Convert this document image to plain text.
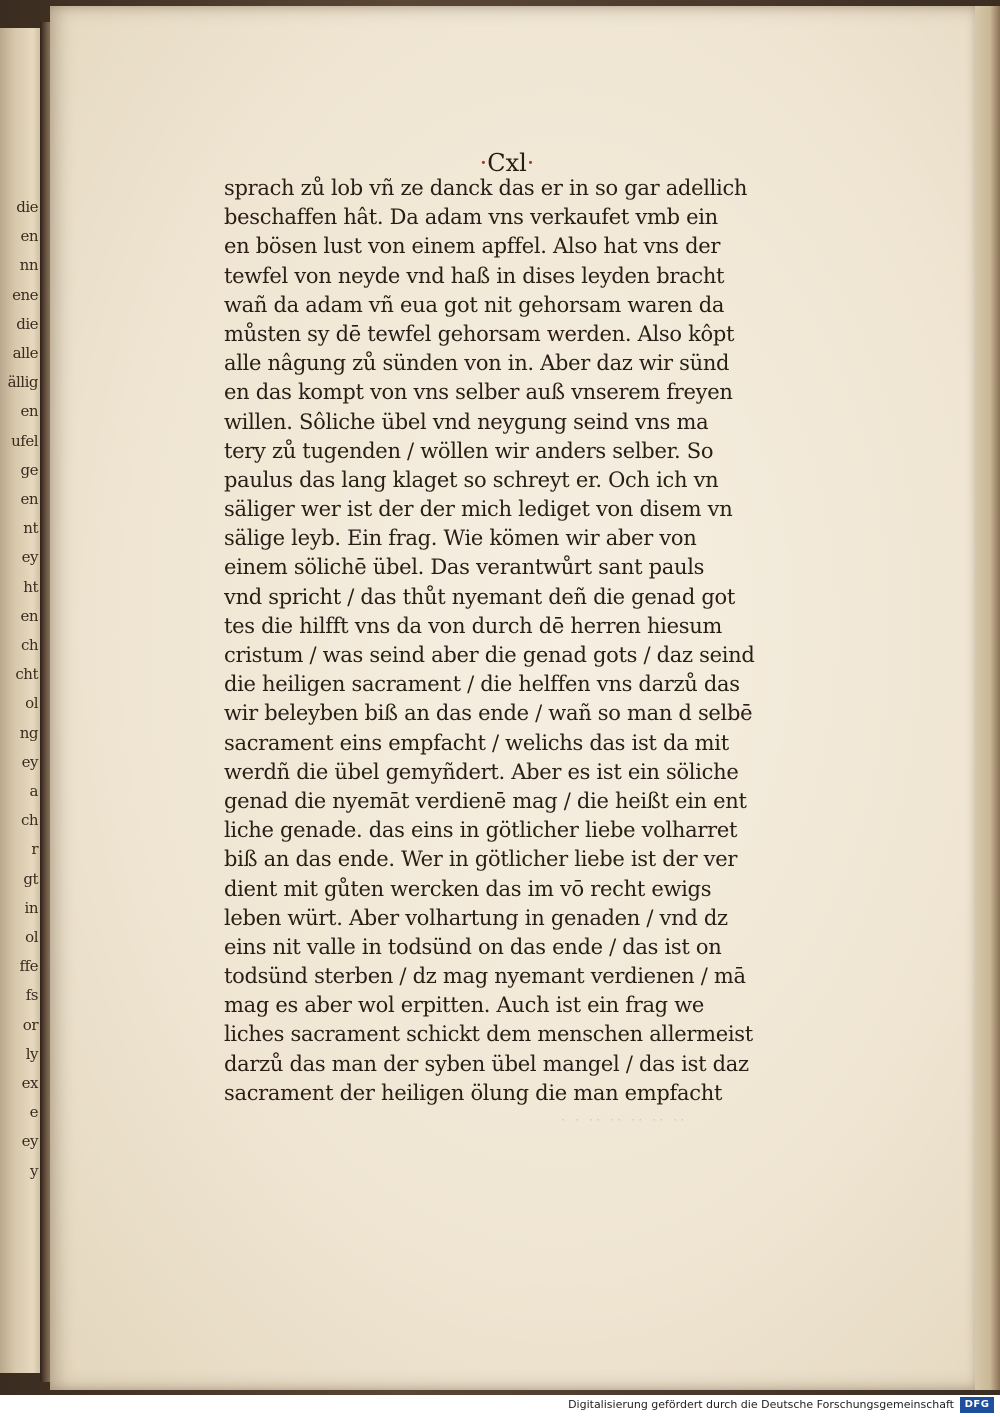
die
en
nn
ene
die
alle
ällig
en
ufel
ge
en
nt
ey
ht
en
ch
cht
ol
ng
ey
a
ch
r
gt
in
ol
ffe
fs
or
ly
ex
e
ey
y
·Cxl·
sprach zů lob vñ ze danck das er in so gar adellich
beschaffen hât. Da adam vns verkaufet vmb ein
en bösen lust von einem apffel. Also hat vns der
tewfel von neyde vnd haß in dises leyden bracht
wañ da adam vñ eua got nit gehorsam waren da
můsten sy dē tewfel gehorsam werden. Also kôpt
alle nâgung zů sünden von in. Aber daz wir sünd
en das kompt von vns selber auß vnserem freyen
willen. Sôliche übel vnd neygung seind vns ma
tery zů tugenden / wöllen wir anders selber. So
paulus das lang klaget so schreyt er. Och ich vn
säliger wer ist der der mich lediget von disem vn
sälige leyb. Ein frag. Wie kömen wir aber von
einem sölichē übel. Das verantwůrt sant pauls
vnd spricht / das thůt nyemant deñ die genad got
tes die hilfft vns da von durch dē herren hiesum
cristum / was seind aber die genad gots / daz seind
die heiligen sacrament / die helffen vns darzů das
wir beleyben biß an das ende / wañ so man d selbē
sacrament eins empfacht / welichs das ist da mit
werdñ die übel gemyñdert. Aber es ist ein söliche
genad die nyemāt verdienē mag / die heißt ein ent
liche genade. das eins in götlicher liebe volharret
biß an das ende. Wer in götlicher liebe ist der ver
dient mit gůten wercken das im vō recht ewigs
leben würt. Aber volhartung in genaden / vnd dz
eins nit valle in todsünd on das ende / das ist on
todsünd sterben / dz mag nyemant verdienen / mā
mag es aber wol erpitten. Auch ist ein frag we
liches sacrament schickt dem menschen allermeist
darzů das man der syben übel mangel / das ist daz
sacrament der heiligen ölung die man empfacht
· · ·· ·· ·· ·· ··
Digitalisierung gefördert durch die Deutsche Forschungsgemeinschaft	DFG
